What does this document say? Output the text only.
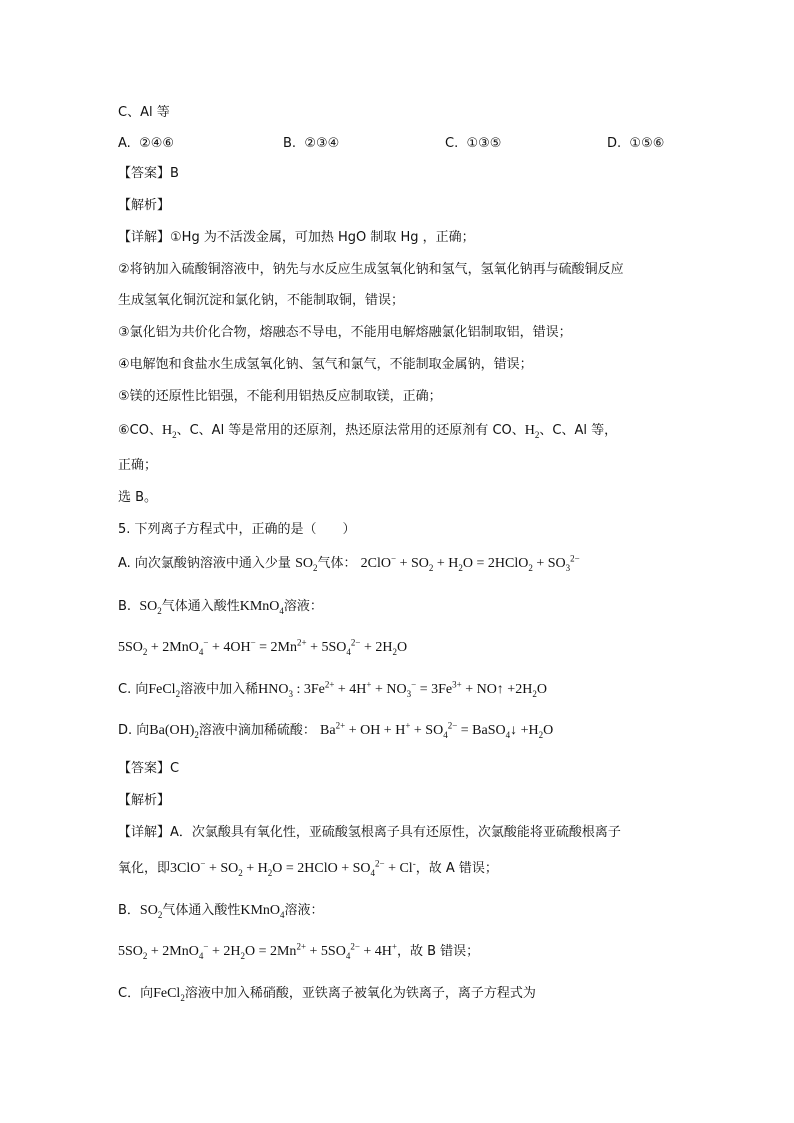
C、Al 等
A. ②④⑥	B. ②③④	C. ①③⑤	D. ①⑤⑥
【答案】B
【解析】
【详解】①Hg 为不活泼金属，可加热 HgO 制取 Hg ，正确；
②将钠加入硫酸铜溶液中，钠先与水反应生成氢氧化钠和氢气，氢氧化钠再与硫酸铜反应
生成氢氧化铜沉淀和氯化钠，不能制取铜，错误；
③氯化铝为共价化合物，熔融态不导电，不能用电解熔融氯化铝制取铝，错误；
④电解饱和食盐水生成氢氧化钠、氢气和氯气，不能制取金属钠，错误；
⑤镁的还原性比铝强，不能利用铝热反应制取镁，正确；
⑥CO、$H_2$、C、Al 等是常用的还原剂，热还原法常用的还原剂有 CO、$H_2$、C、Al 等，
正确；
选 B。
5. 下列离子方程式中，正确的是（　　）
A. 向次氯酸钠溶液中通入少量 $SO_2$气体： $2ClO^- + SO_2 + H_2O$ = 2HClO$_2$ + $SO_3^{2-}$
B. $SO_2$气体通入酸性KMnO$_4$溶液：
$5SO_2 + 2MnO_4^- + 4OH^- = 2Mn^{2+} + 5SO_4^{2-} + 2H_2O$
C. 向FeCl$_2$溶液中加入稀$HNO_3$ : $3Fe^{2+} + 4H^+ + NO_3^- = 3Fe^{3+}$ + NO↑ $+2H_2O$
D. 向$Ba(OH)_2$溶液中滴加稀硫酸： $Ba^{2+}$ + OH + $H^+ + SO_4^{2-}$ = BaSO$_4$↓ $+H_2O$
【答案】C
【解析】
【详解】A．次氯酸具有氧化性，亚硫酸氢根离子具有还原性，次氯酸能将亚硫酸根离子
氧化，即$3ClO^- + SO_2 + H_2O$ = 2HClO + $SO_4^{2-} + Cl^-$，故 A 错误；
B．$SO_2$气体通入酸性KMnO$_4$溶液：
$5SO_2 + 2MnO_4^- + 2H_2O = 2Mn^{2+} + 5SO_4^{2-} + 4H^+$，故 B 错误；
C．向FeCl$_2$溶液中加入稀硝酸，亚铁离子被氧化为铁离子，离子方程式为
